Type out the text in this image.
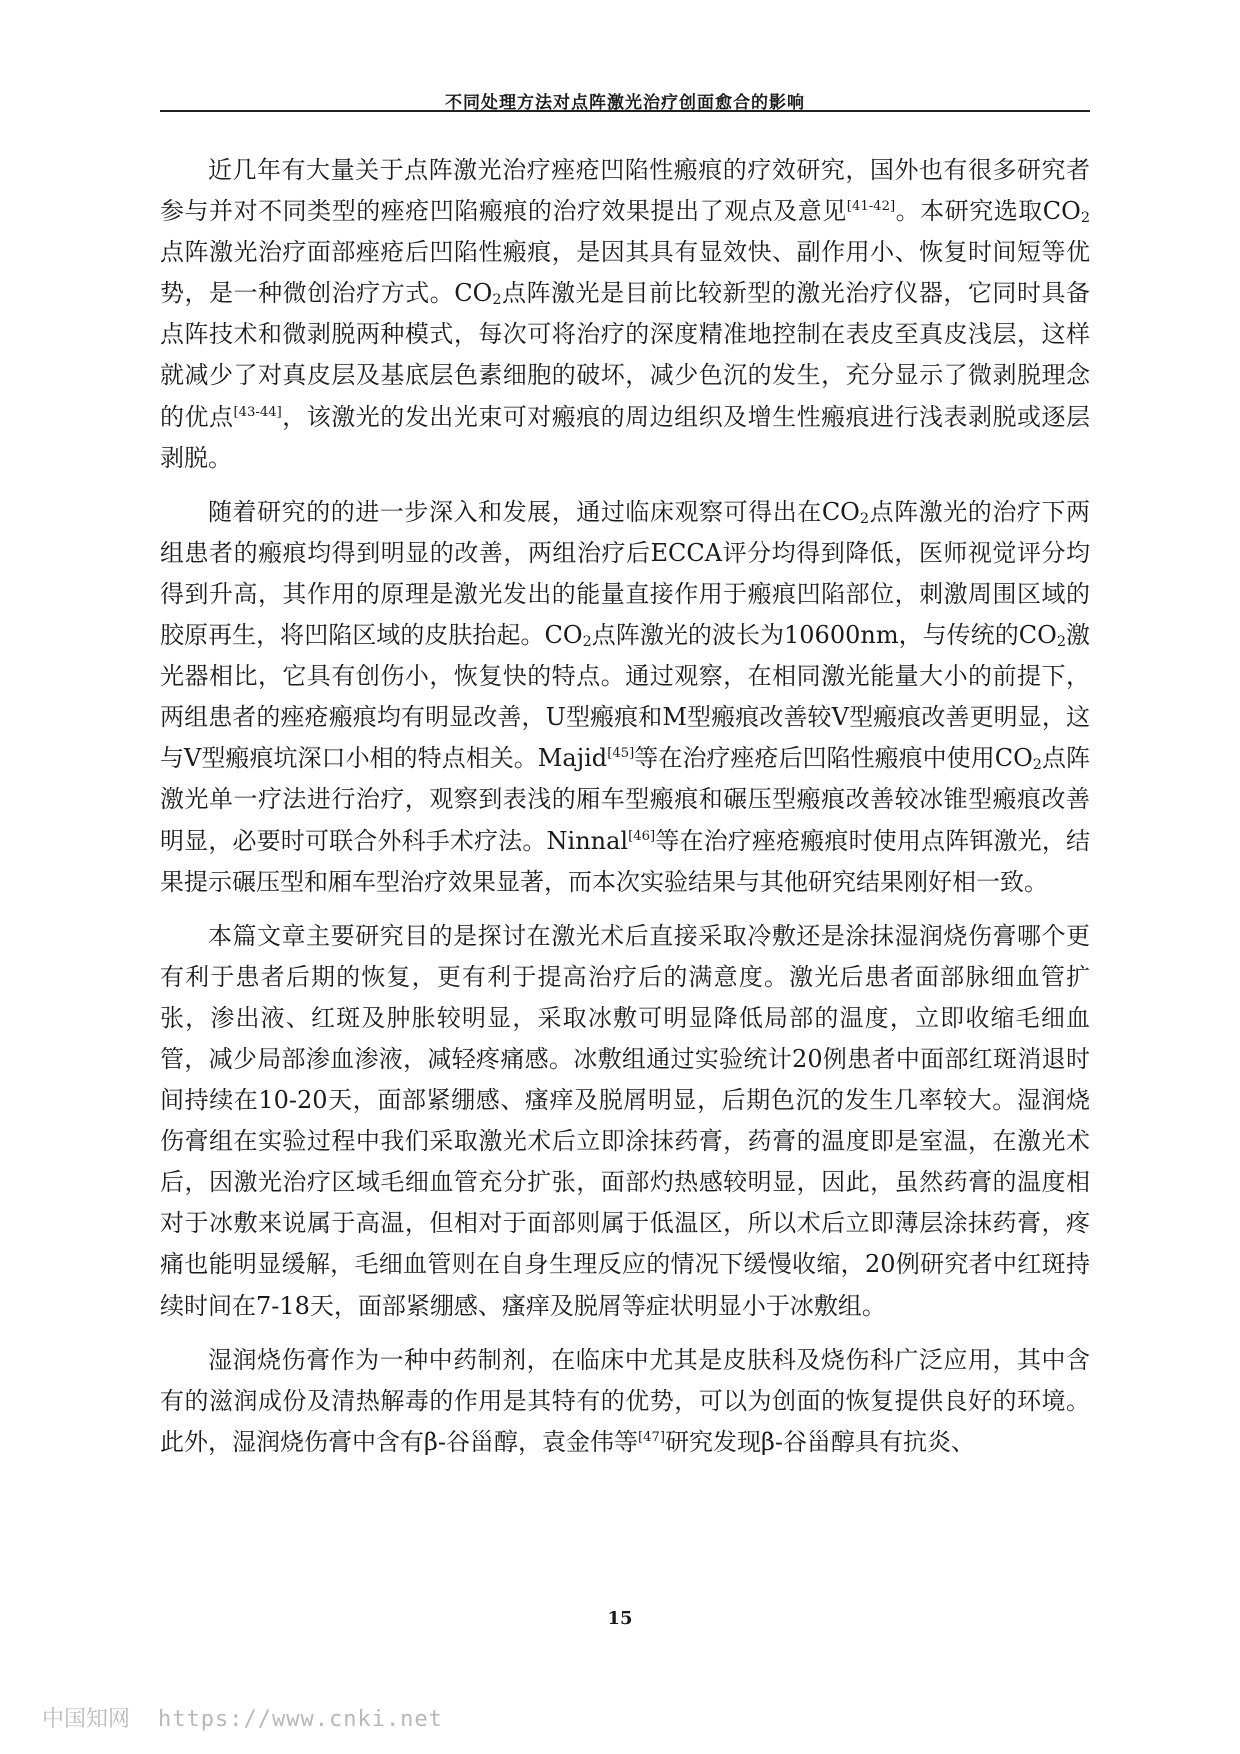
不同处理方法对点阵激光治疗创面愈合的影响

近几年有大量关于点阵激光治疗痤疮凹陷性瘢痕的疗效研究，国外也有很多研究者参与并对不同类型的痤疮凹陷瘢痕的治疗效果提出了观点及意见[41-42]。本研究选取$CO_2$点阵激光治疗面部痤疮后凹陷性瘢痕，是因其具有显效快、副作用小、恢复时间短等优势，是一种微创治疗方式。$CO_2$点阵激光是目前比较新型的激光治疗仪器，它同时具备点阵技术和微剥脱两种模式，每次可将治疗的深度精准地控制在表皮至真皮浅层，这样就减少了对真皮层及基底层色素细胞的破坏，减少色沉的发生，充分显示了微剥脱理念的优点[43-44]，该激光的发出光束可对瘢痕的周边组织及增生性瘢痕进行浅表剥脱或逐层剥脱。

随着研究的的进一步深入和发展，通过临床观察可得出在$CO_2$点阵激光的治疗下两组患者的瘢痕均得到明显的改善，两组治疗后ECCA评分均得到降低，医师视觉评分均得到升高，其作用的原理是激光发出的能量直接作用于瘢痕凹陷部位，刺激周围区域的胶原再生，将凹陷区域的皮肤抬起。$CO_2$点阵激光的波长为10600nm，与传统的$CO_2$激光器相比，它具有创伤小，恢复快的特点。通过观察，在相同激光能量大小的前提下，两组患者的痤疮瘢痕均有明显改善，U型瘢痕和M型瘢痕改善较V型瘢痕改善更明显，这与V型瘢痕坑深口小相的特点相关。Majid[45]等在治疗痤疮后凹陷性瘢痕中使用$CO_2$点阵激光单一疗法进行治疗，观察到表浅的厢车型瘢痕和碾压型瘢痕改善较冰锥型瘢痕改善明显，必要时可联合外科手术疗法。Ninnal[46]等在治疗痤疮瘢痕时使用点阵铒激光，结果提示碾压型和厢车型治疗效果显著，而本次实验结果与其他研究结果刚好相一致。

本篇文章主要研究目的是探讨在激光术后直接采取冷敷还是涂抹湿润烧伤膏哪个更有利于患者后期的恢复，更有利于提高治疗后的满意度。激光后患者面部脉细血管扩张，渗出液、红斑及肿胀较明显，采取冰敷可明显降低局部的温度，立即收缩毛细血管，减少局部渗血渗液，减轻疼痛感。冰敷组通过实验统计20例患者中面部红斑消退时间持续在10-20天，面部紧绷感、瘙痒及脱屑明显，后期色沉的发生几率较大。湿润烧伤膏组在实验过程中我们采取激光术后立即涂抹药膏，药膏的温度即是室温，在激光术后，因激光治疗区域毛细血管充分扩张，面部灼热感较明显，因此，虽然药膏的温度相对于冰敷来说属于高温，但相对于面部则属于低温区，所以术后立即薄层涂抹药膏，疼痛也能明显缓解，毛细血管则在自身生理反应的情况下缓慢收缩，20例研究者中红斑持续时间在7-18天，面部紧绷感、瘙痒及脱屑等症状明显小于冰敷组。

湿润烧伤膏作为一种中药制剂，在临床中尤其是皮肤科及烧伤科广泛应用，其中含有的滋润成份及清热解毒的作用是其特有的优势，可以为创面的恢复提供良好的环境。此外，湿润烧伤膏中含有β-谷甾醇，袁金伟等[47]研究发现β-谷甾醇具有抗炎、

15
中国知网 https://www.cnki.net
